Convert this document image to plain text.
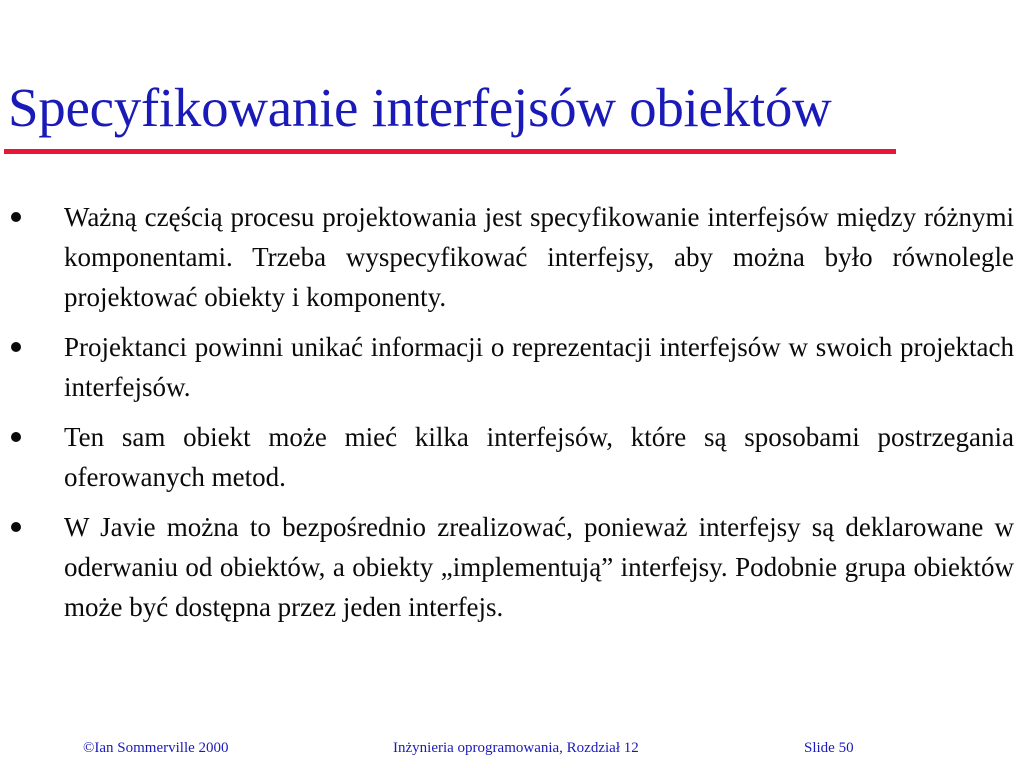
Specyfikowanie interfejsów obiektów
Ważną częścią procesu projektowania jest specyfikowanie interfejsów między różnymi komponentami. Trzeba wyspecyfikować interfejsy, aby można było równolegle projektować obiekty i komponenty.
Projektanci powinni unikać informacji o reprezentacji interfejsów w swoich projektach interfejsów.
Ten sam obiekt może mieć kilka interfejsów, które są sposobami postrzegania oferowanych metod.
W Javie można to bezpośrednio zrealizować, ponieważ interfejsy są deklarowane w oderwaniu od obiektów, a obiekty „implementują” interfejsy. Podobnie grupa obiektów może być dostępna przez jeden interfejs.
©Ian Sommerville 2000	Inżynieria oprogramowania, Rozdział 12	Slide 50
